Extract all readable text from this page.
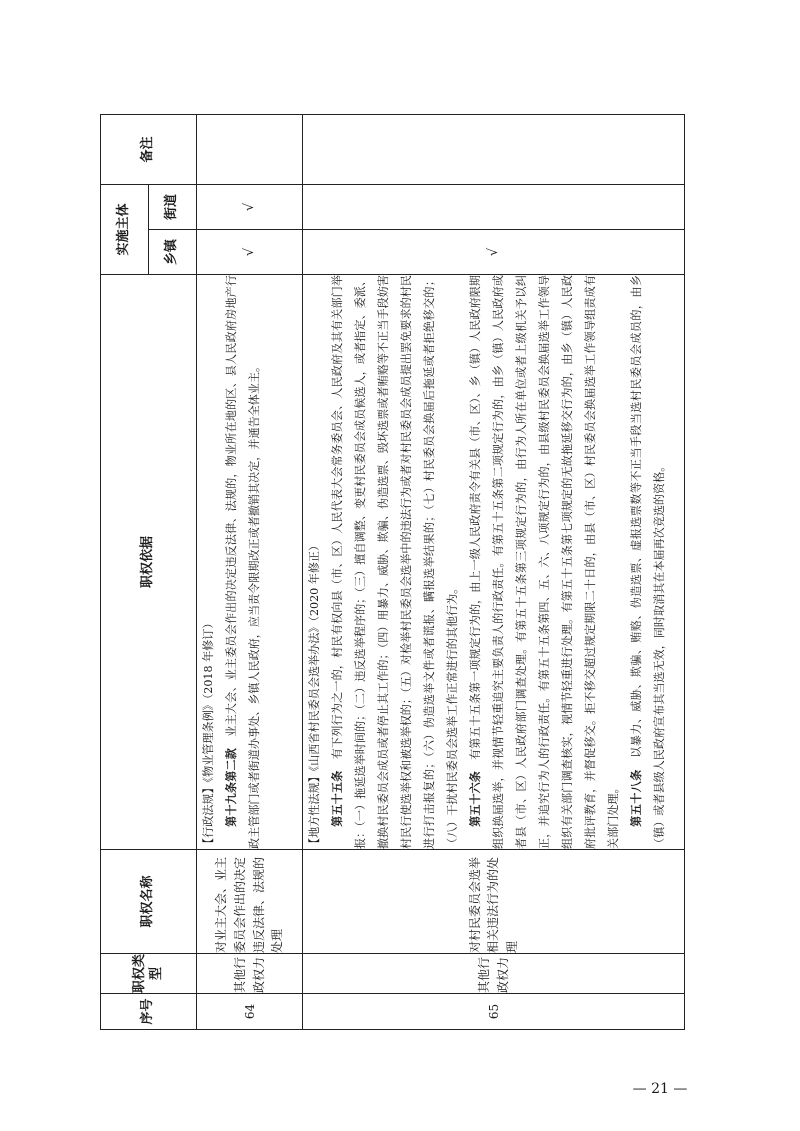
序号	职权类型	职权名称	职权依据	实施主体		备注
				乡镇	街道	
64	其他行政权力	对业主大会、业主委员会作出的决定违反法律、法规的处理	【行政法规】《物业管理条例》（2018 年修订） 第十九条第二款 业主大会、业主委员会作出的决定违反法律、法规的，物业所在地的区、县人民政府房地产行政主管部门或者街道办事处、乡镇人民政府，应当责令限期改正或者撤销其决定，并通告全体业主。	√	√	
65	其他行政权力	对村民委员会选举相关违法行为的处理	【地方性法规】《山西省村民委员会选举办法》（2020 年修正） 第五十五条 有下列行为之一的，村民有权向县（市、区）人民代表大会常务委员会、人民政府及其有关部门举报：（一）拖延选举时间的；（二）违反选举程序的；（三）擅自调整、变更村民委员会成员候选人，或者指定、委派、撤换村民委员会成员或者停止其工作的；（四）用暴力、威胁、欺骗、伪造选票、毁坏选票或者贿赂等不正当手段妨害村民行使选举权和被选举权的；（五）对检举村民委员会选举中的违法行为或者对村民委员会成员提出罢免要求的村民进行打击报复的；（六）伪造选举文件或者谎报、瞒报选举结果的；（七）村民委员会换届后拖延或者拒绝移交的；（八）干扰村民委员会选举工作正常进行的其他行为。 第五十六条 有第五十五条第一项规定行为的，由上一级人民政府责令有关县（市、区）、乡（镇）人民政府限期组织换届选举，并视情节轻重追究主要负责人的行政责任。有第五十五条第二项规定行为的，由乡（镇）人民政府或者县（市、区）人民政府部门调查处理。有第五十五条第三项规定行为的，由行为人所在单位或者上级机关予以纠正，并追究行为人的行政责任。有第五十五条第四、五、六、八项规定行为的，由县级村民委员会换届选举工作领导组织有关部门调查核实，视情节轻重进行处理。有第五十五条第七项规定的无故拖延移交行为的，由乡（镇）人民政府批评教育，并督促移交。拒不移交超过规定期限二十日的，由县（市、区）村民委员会换届选举工作领导组责成有关部门处理。 第五十八条 以暴力、威胁、欺骗、贿赂、伪造选票、虚报选票数等不正当手段当选村民委员会成员的，由乡（镇）或者县级人民政府宣布其当选无效，同时取消其在本届再次竞选的资格。	√		
— 21 —
